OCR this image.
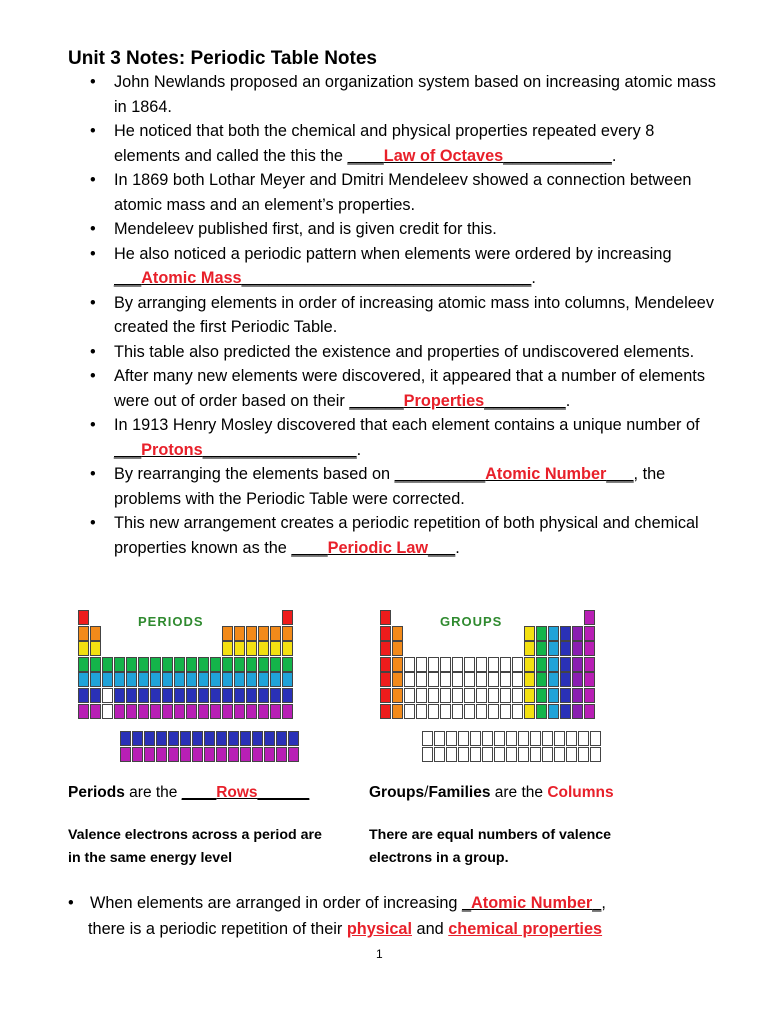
Unit 3 Notes: Periodic Table Notes
• John Newlands proposed an organization system based on increasing atomic mass in 1864.
• He noticed that both the chemical and physical properties repeated every 8 elements and called the this the ____Law of Octaves____________.
• In 1869 both Lothar Meyer and Dmitri Mendeleev showed a connection between atomic mass and an element’s properties.
• Mendeleev published first, and is given credit for this.
• He also noticed a periodic pattern when elements were ordered by increasing ___Atomic Mass________________________________.
• By arranging elements in order of increasing atomic mass into columns, Mendeleev created the first Periodic Table.
• This table also predicted the existence and properties of undiscovered elements.
• After many new elements were discovered, it appeared that a number of elements were out of order based on their ______Properties_________.
• In 1913 Henry Mosley discovered that each element contains a unique number of ___Protons_________________.
• By rearranging the elements based on __________Atomic Number___, the problems with the Periodic Table were corrected.
• This new arrangement creates a periodic repetition of both physical and chemical properties known as the ____Periodic Law___.
PERIODS	GROUPS
Periods are the ____Rows______	Groups/Families are the Columns
Valence electrons across a period are
in the same energy level
There are equal numbers of valence
electrons in a group.
• When elements are arranged in order of increasing _Atomic Number_,
there is a periodic repetition of their physical and chemical properties
1
